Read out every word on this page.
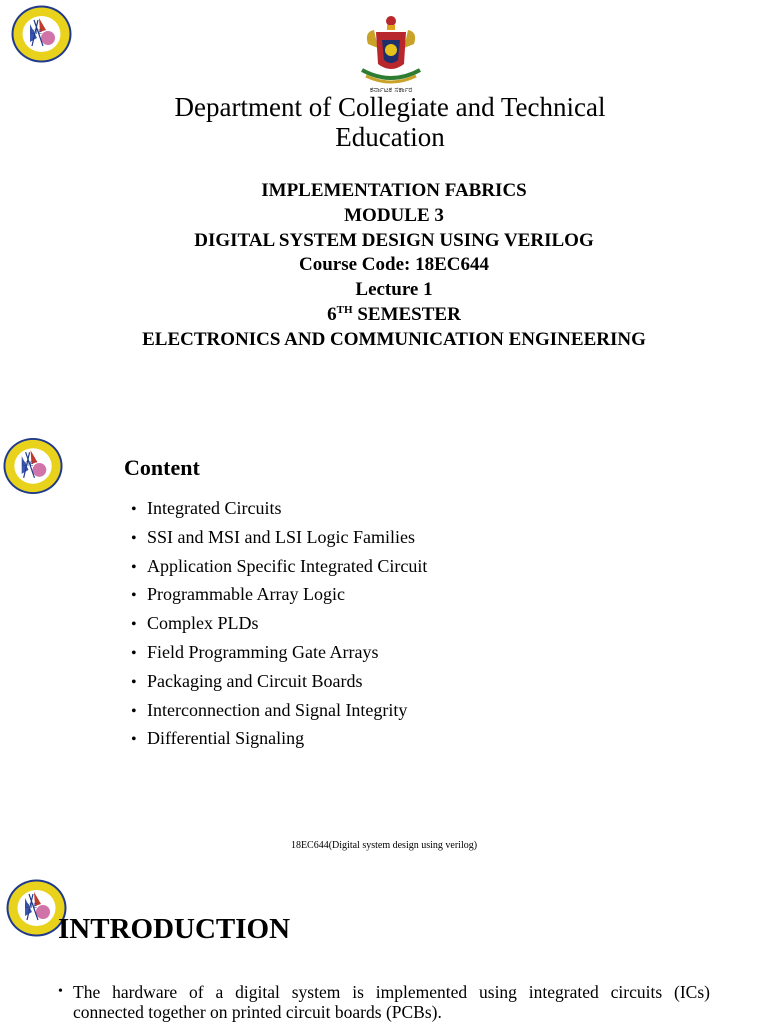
DTE
ಕರ್ನಾಟಕ ಸರ್ಕಾರ
Department of Collegiate and Technical Education
IMPLEMENTATION FABRICS
MODULE 3
DIGITAL SYSTEM DESIGN USING VERILOG
Course Code: 18EC644
Lecture 1
6TH SEMESTER
ELECTRONICS AND COMMUNICATION ENGINEERING
DTE	Content
• Integrated Circuits
• SSI and MSI and LSI Logic Families
• Application Specific Integrated Circuit
• Programmable Array Logic
• Complex PLDs
• Field Programming Gate Arrays
• Packaging and Circuit Boards
• Interconnection and Signal Integrity
• Differential Signaling
18EC644(Digital system design using verilog)
DTE
INTRODUCTION
• The hardware of a digital system is implemented using integrated circuits (ICs)
connected together on printed circuit boards (PCBs).
